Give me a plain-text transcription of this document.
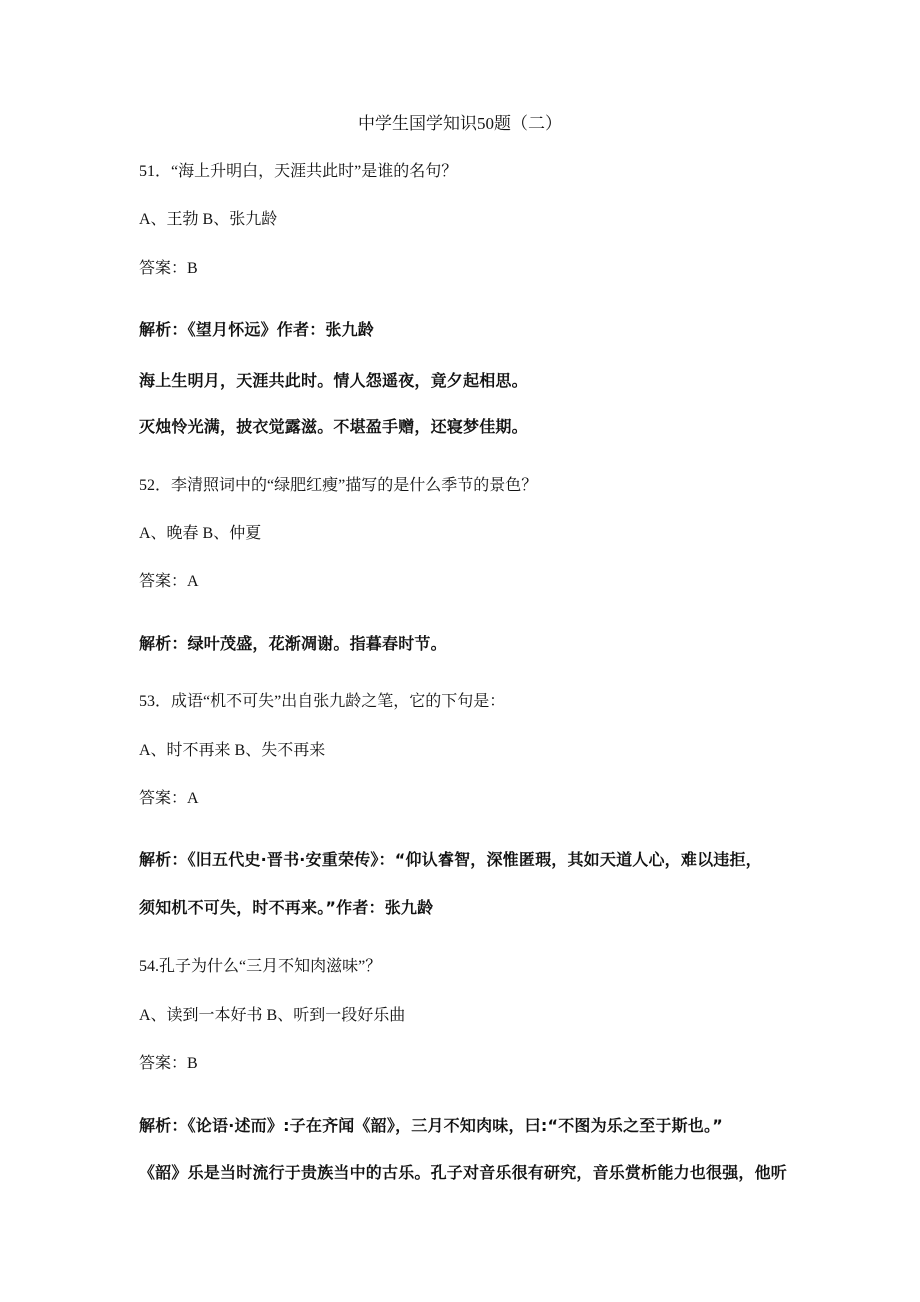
中学生国学知识50题（二）
51．“海上升明白，天涯共此时”是谁的名句？
A、王勃 B、张九龄
答案：B
解析：《望月怀远》作者：张九龄
海上生明月，天涯共此时。情人怨遥夜，竟夕起相思。
灭烛怜光满，披衣觉露滋。不堪盈手赠，还寝梦佳期。
52．李清照词中的“绿肥红瘦”描写的是什么季节的景色？
A、晚春 B、仲夏
答案：A
解析：绿叶茂盛，花渐凋谢。指暮春时节。
53．成语“机不可失”出自张九龄之笔，它的下句是：
A、时不再来 B、失不再来
答案：A
解析：《旧五代史·晋书·安重荣传》：“仰认睿智，深惟匿瑕，其如天道人心，难以违拒，
须知机不可失，时不再来。”作者：张九龄
54.孔子为什么“三月不知肉滋味”？
A、读到一本好书 B、听到一段好乐曲
答案：B
解析：《论语·述而》:子在齐闻《韶》，三月不知肉味，曰:“不图为乐之至于斯也。”
《韶》乐是当时流行于贵族当中的古乐。孔子对音乐很有研究，音乐赏析能力也很强，他听
